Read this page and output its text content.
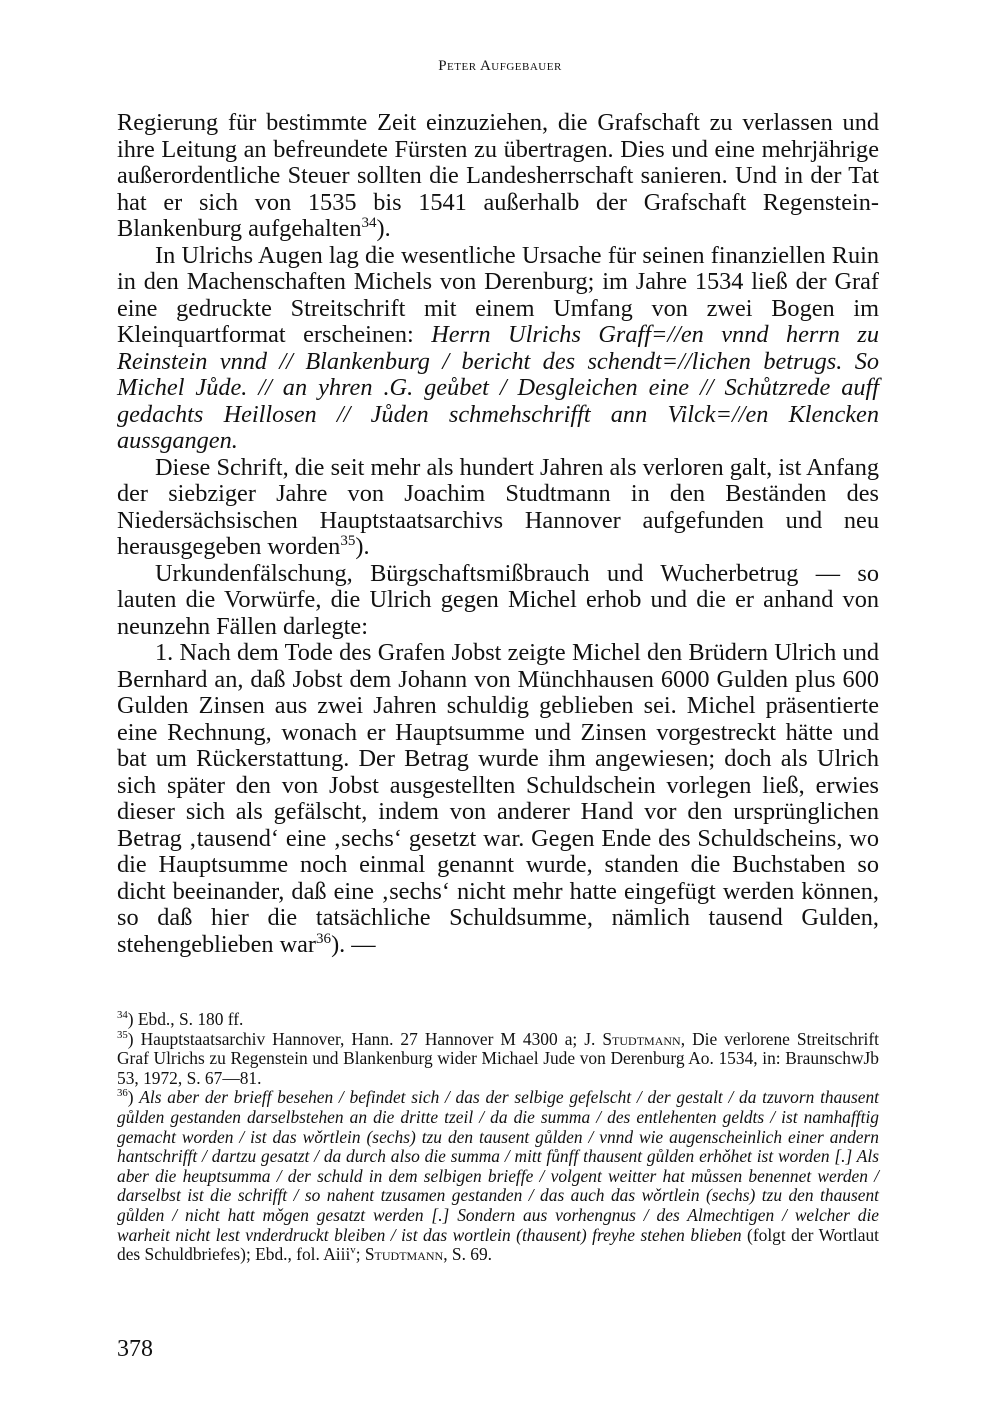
Peter Aufgebauer

Regierung für bestimmte Zeit einzuziehen, die Grafschaft zu verlassen und ihre Leitung an befreundete Fürsten zu übertragen. Dies und eine mehrjährige außerordentliche Steuer sollten die Landesherrschaft sanieren. Und in der Tat hat er sich von 1535 bis 1541 außerhalb der Grafschaft Regenstein-Blankenburg aufgehalten$^{34}$).

In Ulrichs Augen lag die wesentliche Ursache für seinen finanziellen Ruin in den Machenschaften Michels von Derenburg; im Jahre 1534 ließ der Graf eine gedruckte Streitschrift mit einem Umfang von zwei Bogen im Kleinquartformat erscheinen: Herrn Ulrichs Graff=//en vnnd herrn zu Reinstein vnnd // Blankenburg / bericht des schendt=//lichen betrugs. So Michel Jůde. // an yhren .G. geůbet / Desgleichen eine // Schůtzrede auff gedachts Heillosen // Jůden schmehschrifft ann Vilck=//en Klencken aussgangen.

Diese Schrift, die seit mehr als hundert Jahren als verloren galt, ist Anfang der siebziger Jahre von Joachim Studtmann in den Beständen des Niedersächsischen Hauptstaatsarchivs Hannover aufgefunden und neu herausgegeben worden$^{35}$).

Urkundenfälschung, Bürgschaftsmißbrauch und Wucherbetrug — so lauten die Vorwürfe, die Ulrich gegen Michel erhob und die er anhand von neunzehn Fällen darlegte:

1. Nach dem Tode des Grafen Jobst zeigte Michel den Brüdern Ulrich und Bernhard an, daß Jobst dem Johann von Münchhausen 6000 Gulden plus 600 Gulden Zinsen aus zwei Jahren schuldig geblieben sei. Michel präsentierte eine Rechnung, wonach er Hauptsumme und Zinsen vorgestreckt hätte und bat um Rückerstattung. Der Betrag wurde ihm angewiesen; doch als Ulrich sich später den von Jobst ausgestellten Schuldschein vorlegen ließ, erwies dieser sich als gefälscht, indem von anderer Hand vor den ursprünglichen Betrag ‚tausend‘ eine ‚sechs‘ gesetzt war. Gegen Ende des Schuldscheins, wo die Hauptsumme noch einmal genannt wurde, standen die Buchstaben so dicht beeinander, daß eine ‚sechs‘ nicht mehr hatte eingefügt werden können, so daß hier die tatsächliche Schuldsumme, nämlich tausend Gulden, stehengeblieben war$^{36}$). —

$^{34}$) Ebd., S. 180 ff.

$^{35}$) Hauptstaatsarchiv Hannover, Hann. 27 Hannover M 4300 a; J. Studtmann, Die verlorene Streitschrift Graf Ulrichs zu Regenstein und Blankenburg wider Michael Jude von Derenburg Ao. 1534, in: BraunschwJb 53, 1972, S. 67—81.

$^{36}$) Als aber der brieff besehen / befindet sich / das der selbige gefelscht / der gestalt / da tzuvorn thausent gůlden gestanden darselbstehen an die dritte tzeil / da die summa / des entlehenten geldts / ist namhafftig gemacht worden / ist das wǒrtlein (sechs) tzu den tausent gůlden / vnnd wie augenscheinlich einer andern hantschrifft / dartzu gesatzt / da durch also die summa / mitt fůnff thausent gůlden erhǒhet ist worden [.] Als aber die heuptsumma / der schuld in dem selbigen brieffe / volgent weitter hat můssen benennet werden / darselbst ist die schrifft / so nahent tzusamen gestanden / das auch das wǒrtlein (sechs) tzu den thausent gůlden / nicht hatt mǒgen gesatzt werden [.] Sondern aus vorhengnus / des Almechtigen / welcher die warheit nicht lest vnderdruckt bleiben / ist das wortlein (thausent) freyhe stehen blieben (folgt der Wortlaut des Schuldbriefes); Ebd., fol. Aiii$^v$; Studtmann, S. 69.

378
